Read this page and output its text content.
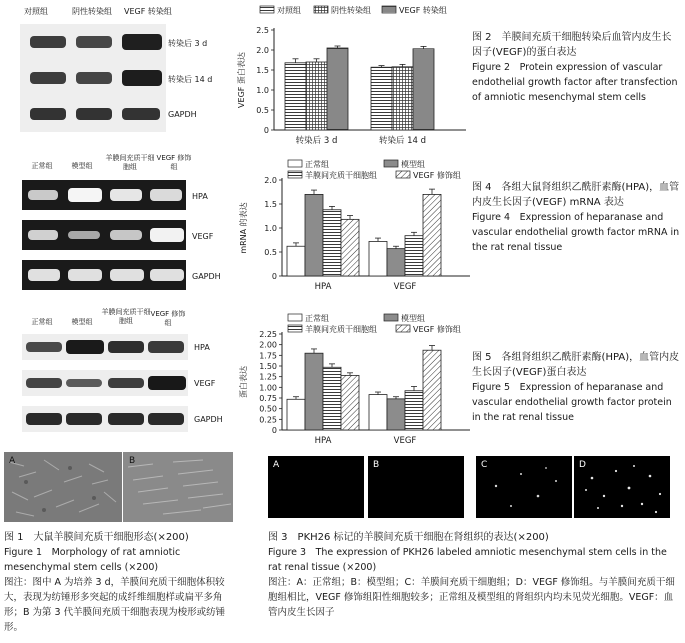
对照组	阴性转染组 VEGF 转染组
转染后 3 d
转染后 14 d
GAPDH
正常组	模型组
羊膜间充质干细胞组
VEGF 修饰组
HPA
VEGF
GAPDH
正常组	模型组
羊膜间充质干细胞组
VEGF 修饰组
HPA
VEGF
GAPDH
对照组	阴性转染组	VEGF 转染组
0
0.5
1.0
1.5
2.0
2.5
VEGF 蛋白表达
转染后 3 d	转染后 14 d
正常组	模型组
羊膜间充质干细胞组	VEGF 修饰组
0
0.5
1.0
1.5
2.0
mRNA 的表达
HPA	VEGF
正常组	模型组
羊膜间充质干细胞组	VEGF 修饰组
0
0.25
0.50
0.75
1.00
1.25
1.50
1.75
2.00
2.25
蛋白表达
HPA	VEGF
图 2　羊膜间充质干细胞转染后血管内皮生长因子(VEGF)的蛋白表达
Figure 2　Protein expression of vascular endothelial growth factor after transfection of amniotic mesenchymal stem cells
图 4　各组大鼠肾组织乙酰肝素酶(HPA)，血管内皮生长因子(VEGF) mRNA 表达
Figure 4　Expression of heparanase and vascular endothelial growth factor mRNA in the rat renal tissue
图 5　各组肾组织乙酰肝素酶(HPA)，血管内皮生长因子(VEGF)蛋白表达
Figure 5　Expression of heparanase and vascular endothelial growth factor protein in the rat renal tissue
A	B	A	B	C	D
图 1　大鼠羊膜间充质干细胞形态(×200)
Figure 1　Morphology of rat amniotic mesenchymal stem cells (×200)
图注：图中 A 为培养 3 d，羊膜间充质干细胞体积较大，表现为纺锤形多突起的成纤维细胞样或扁平多角形；B 为第 3 代羊膜间充质干细胞表现为梭形或纺锤形。
图 3　PKH26 标记的羊膜间充质干细胞在肾组织的表达(×200)
Figure 3　The expression of PKH26 labeled amniotic mesenchymal stem cells in the rat renal tissue (×200)
图注：A：正常组；B：模型组；C：羊膜间充质干细胞组；D：VEGF 修饰组。与羊膜间充质干细胞组相比，VEGF 修饰组阳性细胞较多；正常组及模型组的肾组织内均未见荧光细胞。VEGF：血管内皮生长因子
